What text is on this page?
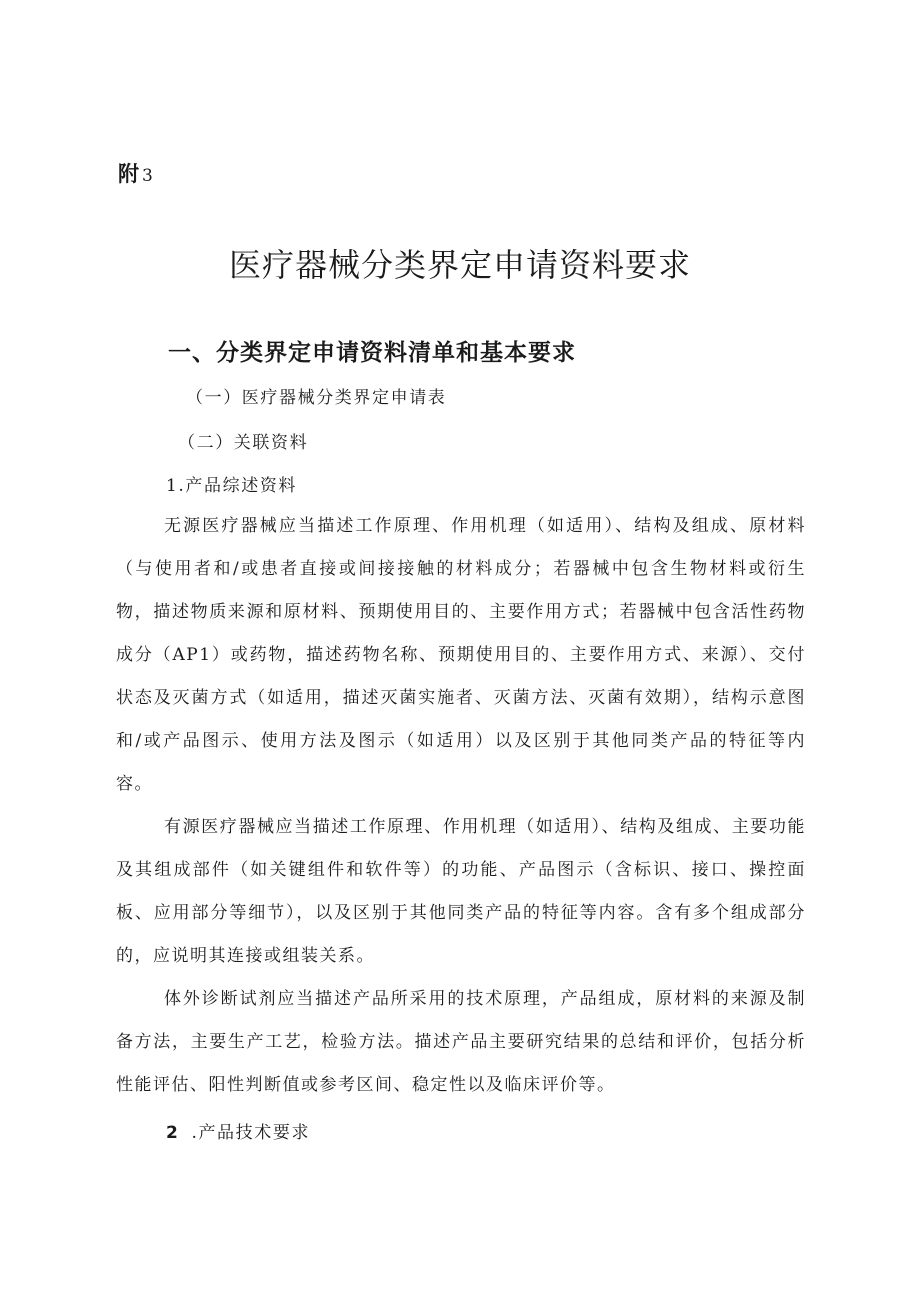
附 3
医疗器械分类界定申请资料要求
一、分类界定申请资料清单和基本要求
（一）医疗器械分类界定申请表
（二）关联资料
1.产品综述资料

无源医疗器械应当描述工作原理、作用机理（如适用）、结构及组成、原材料（与使用者和/或患者直接或间接接触的材料成分；若器械中包含生物材料或衍生物，描述物质来源和原材料、预期使用目的、主要作用方式；若器械中包含活性药物成分（AP1）或药物，描述药物名称、预期使用目的、主要作用方式、来源）、交付状态及灭菌方式（如适用，描述灭菌实施者、灭菌方法、灭菌有效期），结构示意图和/或产品图示、使用方法及图示（如适用）以及区别于其他同类产品的特征等内容。

有源医疗器械应当描述工作原理、作用机理（如适用）、结构及组成、主要功能及其组成部件（如关键组件和软件等）的功能、产品图示（含标识、接口、操控面板、应用部分等细节），以及区别于其他同类产品的特征等内容。含有多个组成部分的，应说明其连接或组装关系。

体外诊断试剂应当描述产品所采用的技术原理，产品组成，原材料的来源及制备方法，主要生产工艺，检验方法。描述产品主要研究结果的总结和评价，包括分析性能评估、阳性判断值或参考区间、稳定性以及临床评价等。

2 .产品技术要求
